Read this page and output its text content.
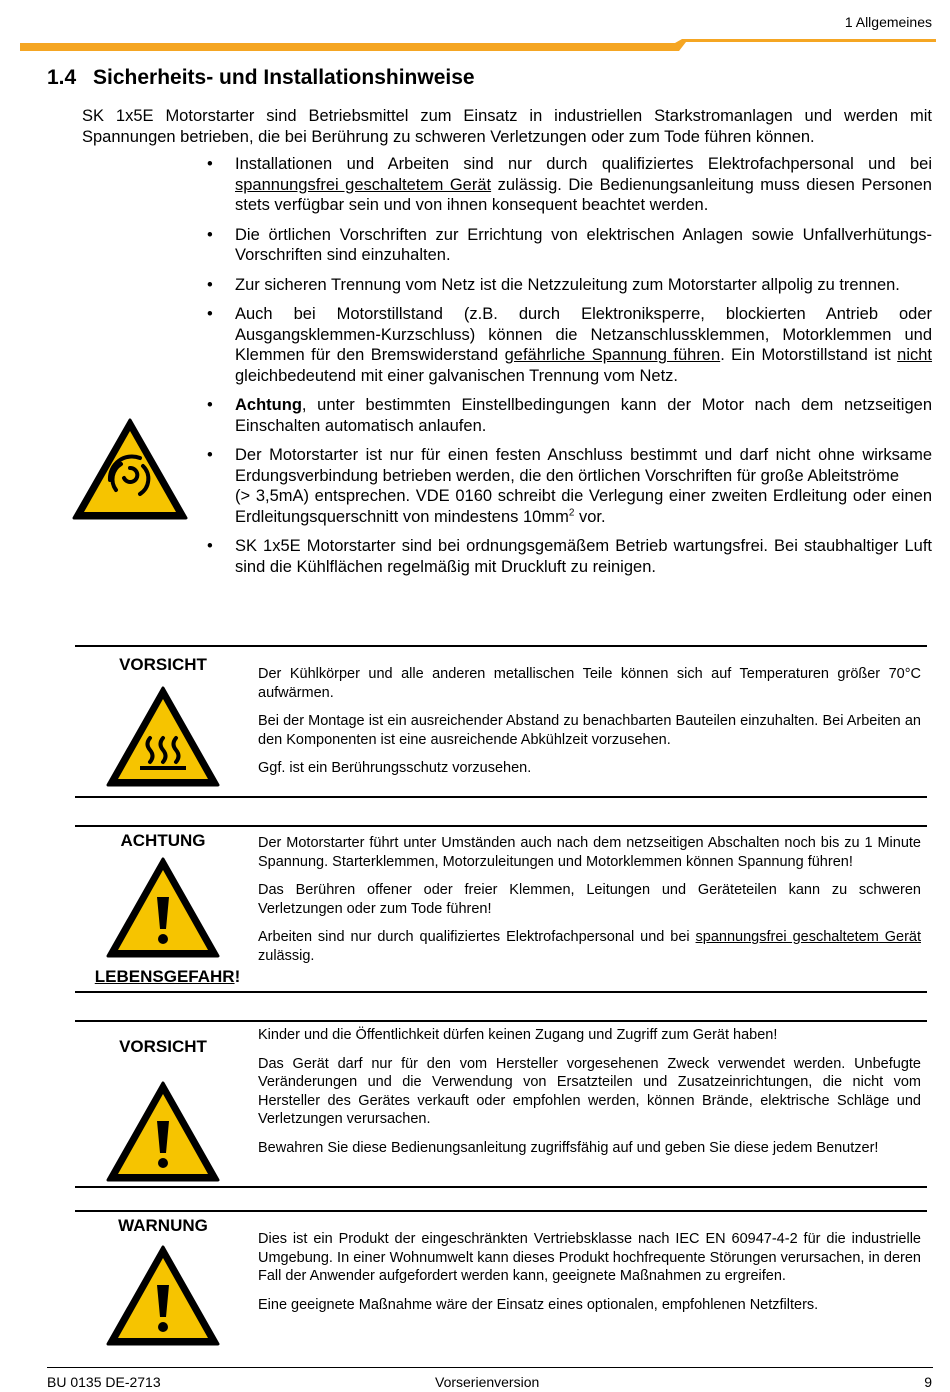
1 Allgemeines
1.4 Sicherheits- und Installationshinweise

SK 1x5E Motorstarter sind Betriebsmittel zum Einsatz in industriellen Starkstromanlagen und werden mit Spannungen betrieben, die bei Berührung zu schweren Verletzungen oder zum Tode führen können.

• Installationen und Arbeiten sind nur durch qualifiziertes Elektrofachpersonal und bei spannungsfrei geschaltetem Gerät zulässig. Die Bedienungsanleitung muss diesen Personen stets verfügbar sein und von ihnen konsequent beachtet werden.
• Die örtlichen Vorschriften zur Errichtung von elektrischen Anlagen sowie Unfallverhütungs-Vorschriften sind einzuhalten.
• Zur sicheren Trennung vom Netz ist die Netzzuleitung zum Motorstarter allpolig zu trennen.
• Auch bei Motorstillstand (z.B. durch Elektroniksperre, blockierten Antrieb oder Ausgangsklemmen-Kurzschluss) können die Netzanschlussklemmen, Motorklemmen und Klemmen für den Bremswiderstand gefährliche Spannung führen. Ein Motorstillstand ist nicht gleichbedeutend mit einer galvanischen Trennung vom Netz.
• Achtung, unter bestimmten Einstellbedingungen kann der Motor nach dem netzseitigen Einschalten automatisch anlaufen.
• Der Motorstarter ist nur für einen festen Anschluss bestimmt und darf nicht ohne wirksame Erdungsverbindung betrieben werden, die den örtlichen Vorschriften für große Ableitströme
(> 3,5mA) entsprechen. VDE 0160 schreibt die Verlegung einer zweiten Erdleitung oder einen Erdleitungsquerschnitt von mindestens $10mm^2$ vor.
• SK 1x5E Motorstarter sind bei ordnungsgemäßem Betrieb wartungsfrei. Bei staubhaltiger Luft sind die Kühlflächen regelmäßig mit Druckluft zu reinigen.
VORSICHT	Der Kühlkörper und alle anderen metallischen Teile können sich auf Temperaturen größer 70°C aufwärmen.

Bei der Montage ist ein ausreichender Abstand zu benachbarten Bauteilen einzuhalten. Bei Arbeiten an den Komponenten ist eine ausreichende Abkühlzeit vorzusehen.

Ggf. ist ein Berührungsschutz vorzusehen.

ACHTUNG
LEBENSGEFAHR!

Der Motorstarter führt unter Umständen auch nach dem netzseitigen Abschalten noch bis zu 1 Minute Spannung. Starterklemmen, Motorzuleitungen und Motorklemmen können Spannung führen!

Das Berühren offener oder freier Klemmen, Leitungen und Geräteteilen kann zu schweren Verletzungen oder zum Tode führen!

Arbeiten sind nur durch qualifiziertes Elektrofachpersonal und bei spannungsfrei geschaltetem Gerät zulässig.

VORSICHT

Kinder und die Öffentlichkeit dürfen keinen Zugang und Zugriff zum Gerät haben!

Das Gerät darf nur für den vom Hersteller vorgesehenen Zweck verwendet werden. Unbefugte Veränderungen und die Verwendung von Ersatzteilen und Zusatzeinrichtungen, die nicht vom Hersteller des Gerätes verkauft oder empfohlen werden, können Brände, elektrische Schläge und Verletzungen verursachen.

Bewahren Sie diese Bedienungsanleitung zugriffsfähig auf und geben Sie diese jedem Benutzer!

WARNUNG

Dies ist ein Produkt der eingeschränkten Vertriebsklasse nach IEC EN 60947-4-2 für die industrielle Umgebung. In einer Wohnumwelt kann dieses Produkt hochfrequente Störungen verursachen, in deren Fall der Anwender aufgefordert werden kann, geeignete Maßnahmen zu ergreifen.

Eine geeignete Maßnahme wäre der Einsatz eines optionalen, empfohlenen Netzfilters.

BU 0135 DE-2713	Vorserienversion	9
